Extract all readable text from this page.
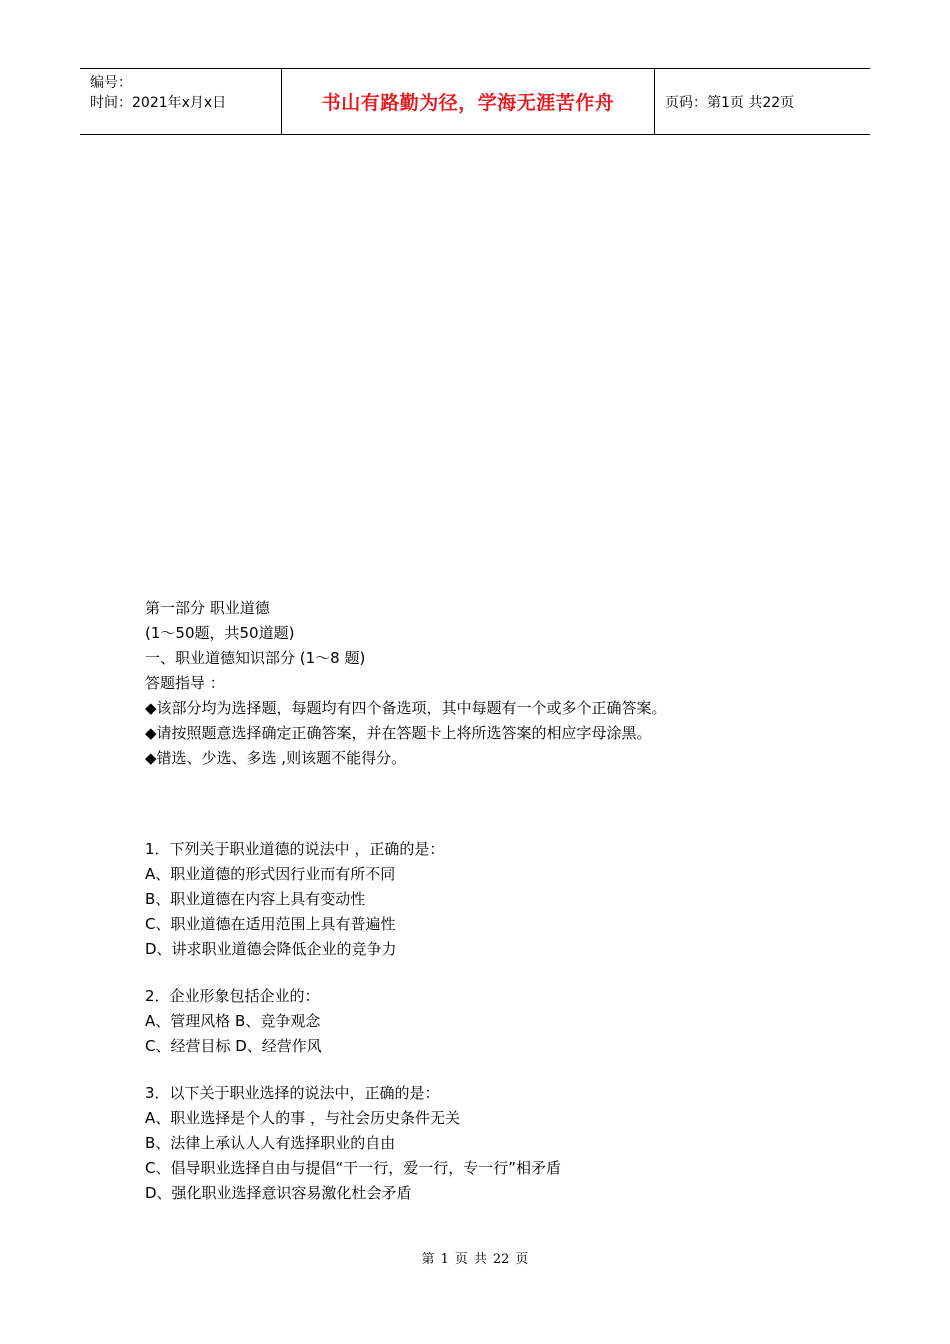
编号：
时间：2021年x月x日	书山有路勤为径，学海无涯苦作舟	页码：第1页 共22页
第一部分 职业道德
(1～50题，共50道题)
一、职业道德知识部分 (1～8 题)
答题指导 ：
◆该部分均为选择题，每题均有四个备选项，其中每题有一个或多个正确答案。
◆请按照题意选择确定正确答案，并在答题卡上将所选答案的相应字母涂黑。
◆错选、少选、多选 ,则该题不能得分。
1．下列关于职业道德的说法中 ，正确的是：
A、职业道德的形式因行业而有所不同
B、职业道德在内容上具有变动性
C、职业道德在适用范围上具有普遍性
D、讲求职业道德会降低企业的竞争力
2．企业形象包括企业的：
A、管理风格 B、竞争观念
C、经营目标 D、经营作风
3．以下关于职业选择的说法中，正确的是：
A、职业选择是个人的事 ，与社会历史条件无关
B、法律上承认人人有选择职业的自由
C、倡导职业选择自由与提倡“干一行，爱一行，专一行”相矛盾
D、强化职业选择意识容易激化杜会矛盾
第 1 页 共 22 页
